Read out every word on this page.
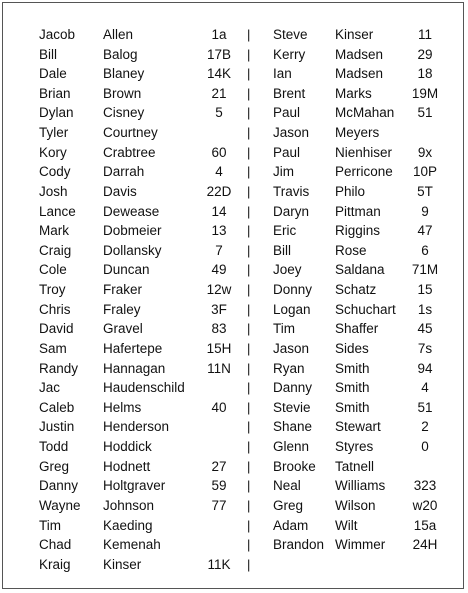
Jacob Allen	1a	| Steve Kinser	11
Bill	Balog	17B	| Kerry Madsen	29
Dale	Blaney	14K	| Ian	Madsen	18
Brian Brown	21	| Brent Marks	19M
Dylan Cisney	5	| Paul	McMahan	51
Tyler	Courtney	| Jason Meyers
Kory	Crabtree	60	| Paul	Nienhiser	9x
Cody Darrah	4	| Jim	Perricone	10P
Josh	Davis	22D	| Travis Philo	5T
Lance Dewease	14	| Daryn Pittman	9
Mark	Dobmeier	13	| Eric	Riggins	47
Craig Dollansky	7	| Bill	Rose	6
Cole	Duncan	49	| Joey Saldana	71M
Troy	Fraker	12w	| Donny Schatz	15
Chris Fraley	3F	| Logan Schuchart	1s
David Gravel	83	| Tim	Shaffer	45
Sam	Hafertepe	15H	| Jason Sides	7s
Randy Hannagan	11N	| Ryan Smith	94
Jac	Haudenschild	| Danny Smith	4
Caleb Helms	40	| Stevie Smith	51
Justin Henderson	| Shane Stewart	2
Todd	Hoddick	| Glenn Styres	0
Greg	Hodnett	27	| Brooke Tatnell
Danny Holtgraver	59	| Neal	Williams	323
Wayne Johnson	77	| Greg Wilson	w20
Tim	Kaeding	| Adam Wilt	15a
Chad Kemenah	| Brandon Wimmer	24H
Kraig Kinser	11K	|
